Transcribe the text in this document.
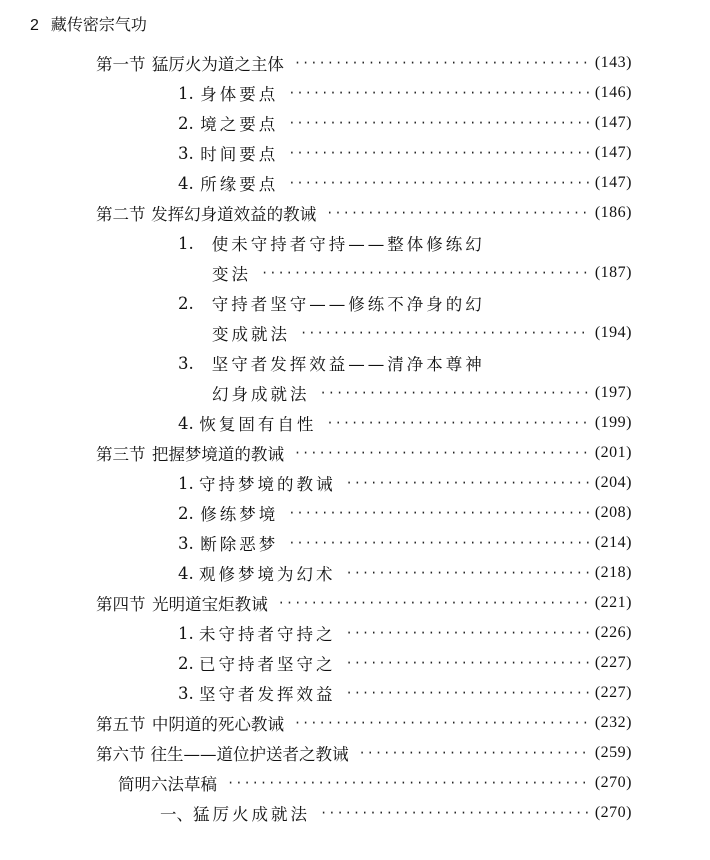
2 藏传密宗气功
第一节 猛厉火为道之主体 ·····	(143)
1. 身体要点 ·····	(146)
2. 境之要点 ·····	(147)
3. 时间要点 ·····	(147)
4. 所缘要点 ·····	(147)
第二节 发挥幻身道效益的教诫 ·····	(186)
1. 使未守持者守持——整体修练幻
变法 ·····	(187)
2. 守持者坚守——修练不净身的幻
变成就法 ·····	(194)
3. 坚守者发挥效益——清净本尊神
幻身成就法 ·····	(197)
4. 恢复固有自性 ·····	(199)
第三节 把握梦境道的教诫 ·····	(201)
1. 守持梦境的教诫 ·····	(204)
2. 修练梦境 ·····	(208)
3. 断除恶梦 ·····	(214)
4. 观修梦境为幻术 ·····	(218)
第四节 光明道宝炬教诫 ·····	(221)
1. 未守持者守持之 ·····	(226)
2. 已守持者坚守之 ·····	(227)
3. 坚守者发挥效益 ·····	(227)
第五节 中阴道的死心教诫 ·····	(232)
第六节 往生——道位护送者之教诫 ·····	(259)
简明六法草稿 ·····	(270)
一、 猛厉火成就法 ·····	(270)
